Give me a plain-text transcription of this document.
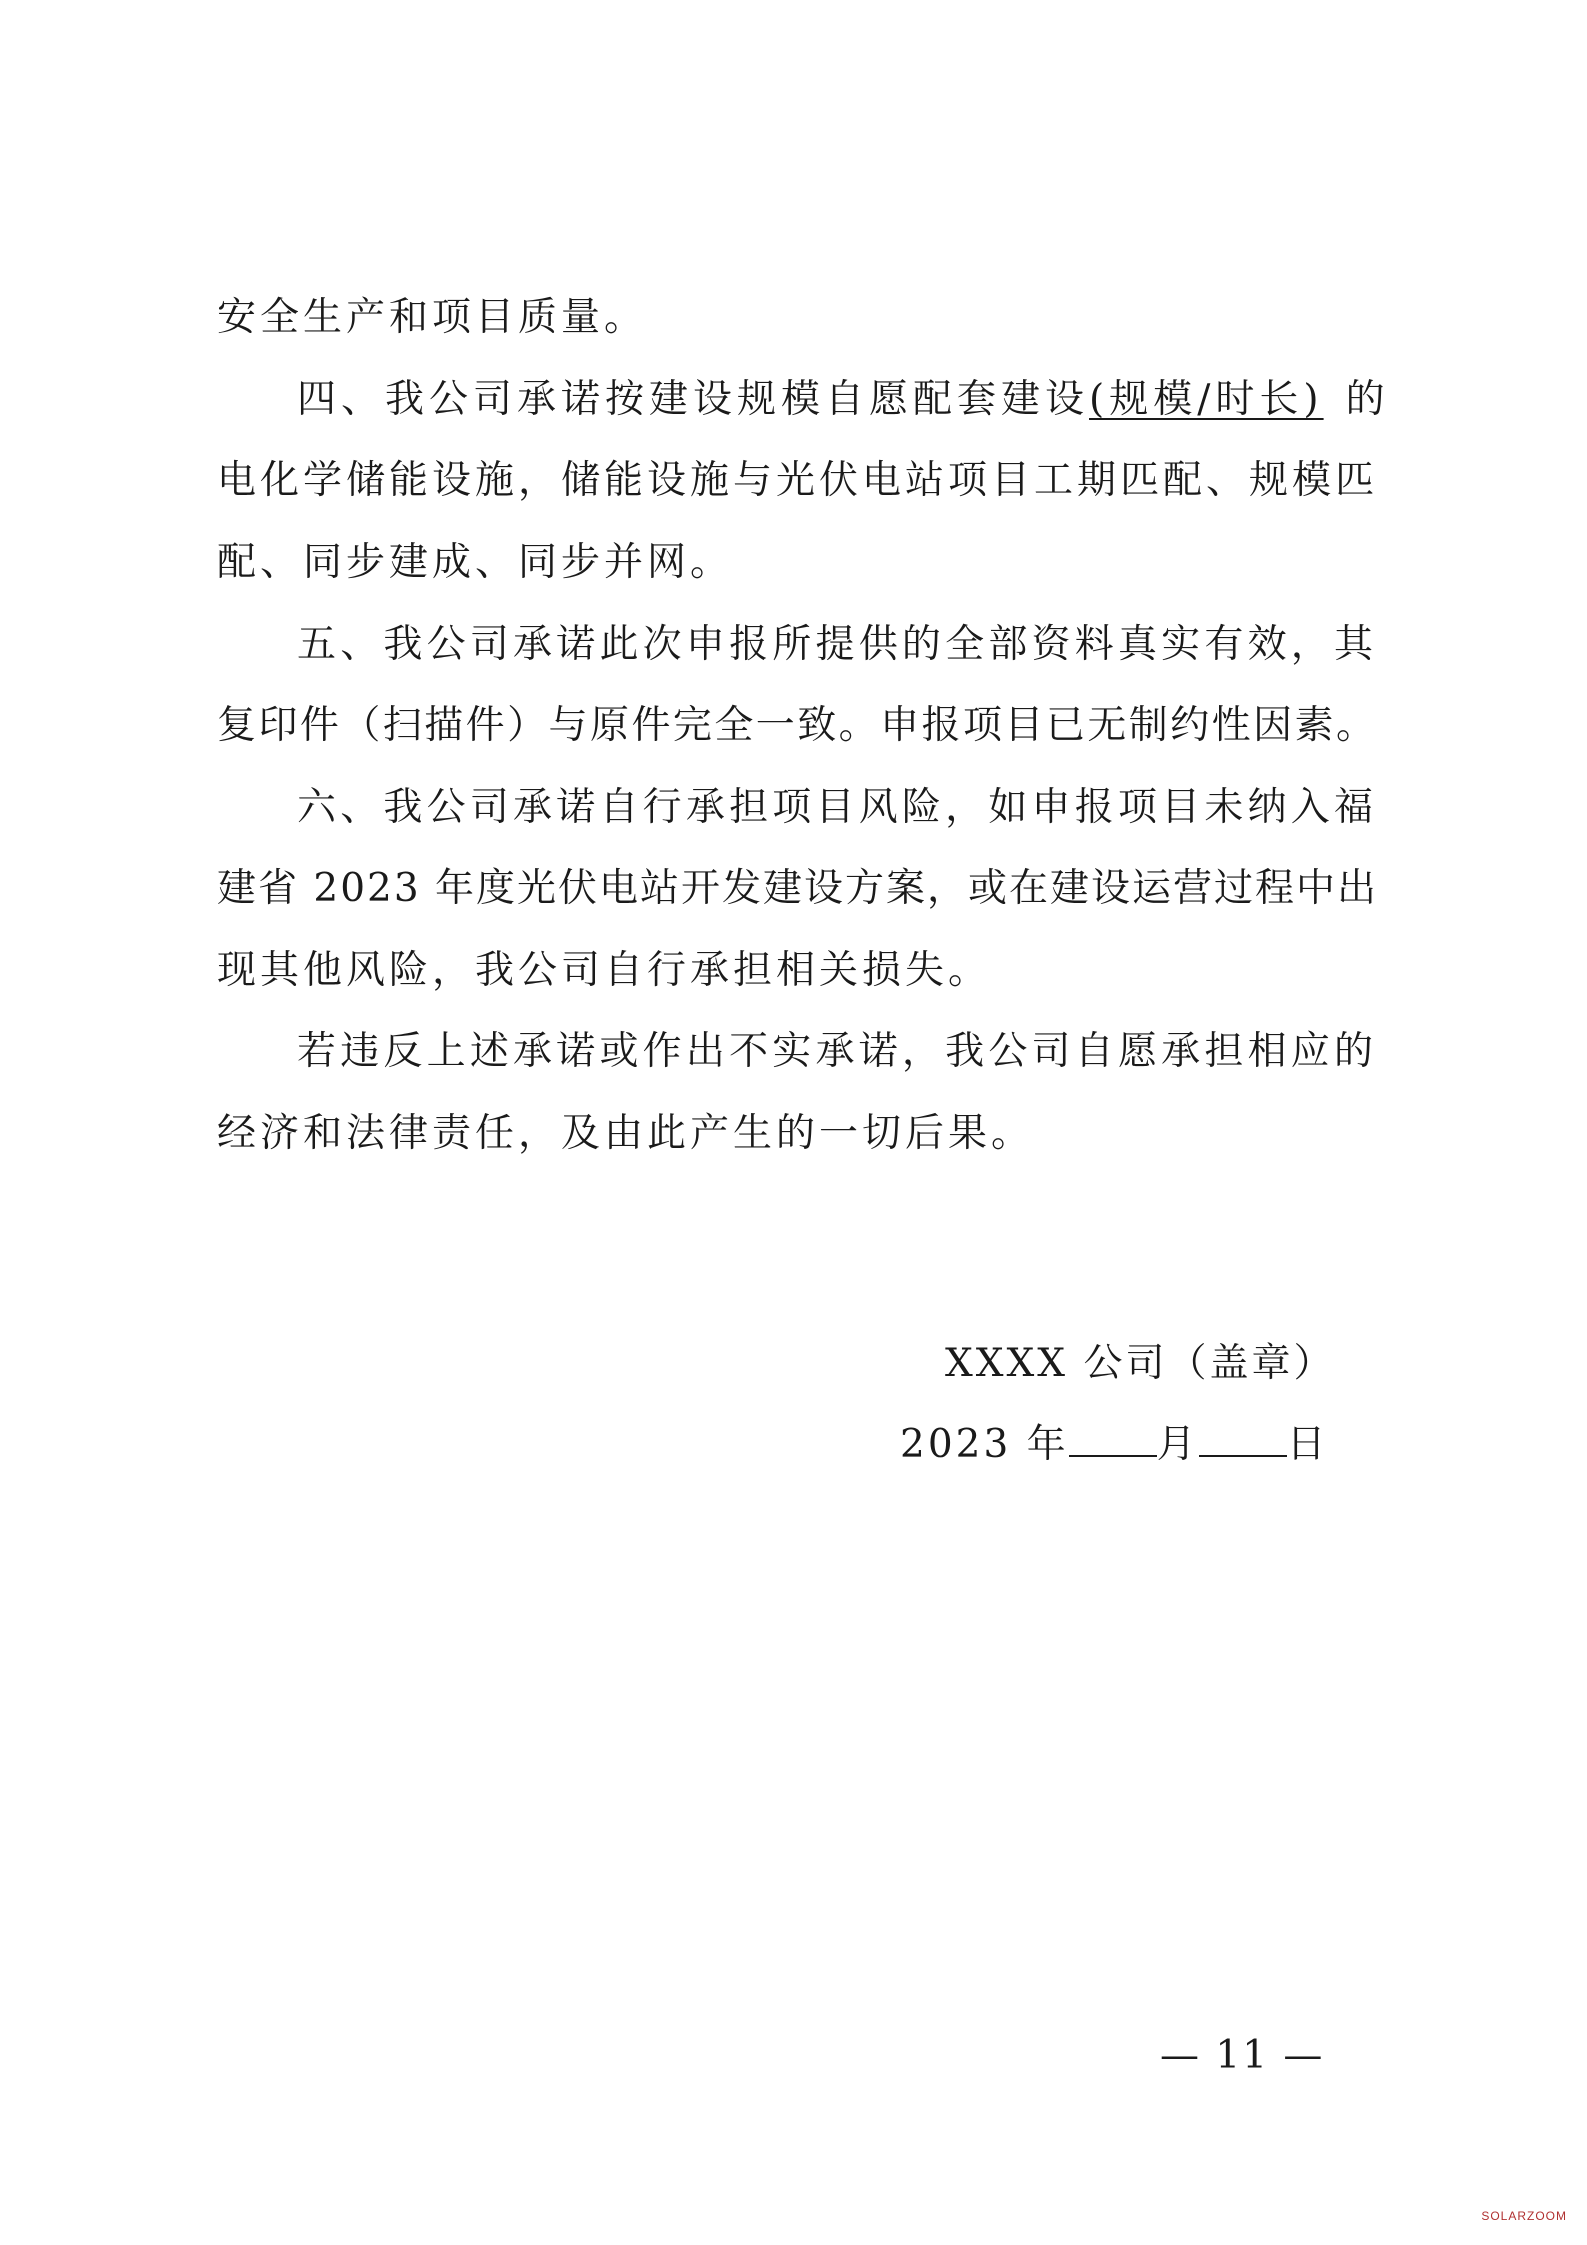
安全生产和项目质量。
四、我公司承诺按建设规模自愿配套建设(规模/时长) 的
电化学储能设施，储能设施与光伏电站项目工期匹配、规模匹
配、同步建成、同步并网。
五、我公司承诺此次申报所提供的全部资料真实有效，其
复印件（扫描件）与原件完全一致。申报项目已无制约性因素。
六、我公司承诺自行承担项目风险，如申报项目未纳入福
建省 2023 年度光伏电站开发建设方案，或在建设运营过程中出
现其他风险，我公司自行承担相关损失。
若违反上述承诺或作出不实承诺，我公司自愿承担相应的
经济和法律责任，及由此产生的一切后果。
XXXX 公司（盖章）
2023 年 月 日
— 11 —
SOLARZOOM
